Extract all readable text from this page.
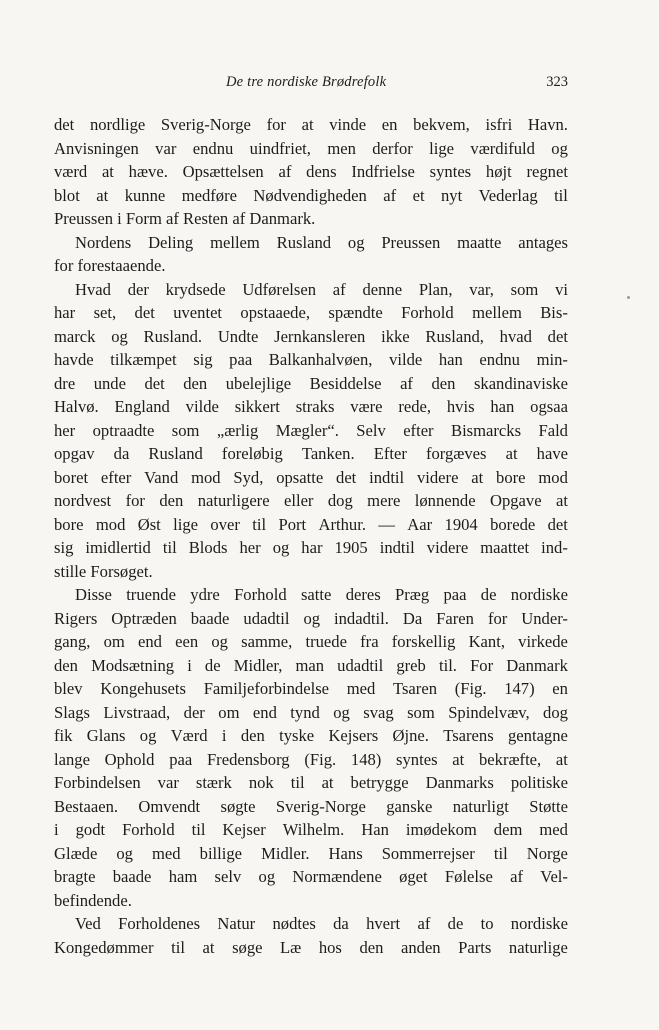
De tre nordiske Brødrefolk	323
det nordlige Sverig-Norge for at vinde en bekvem, isfri Havn.
Anvisningen var endnu uindfriet, men derfor lige værdifuld og
værd at hæve. Opsættelsen af dens Indfrielse syntes højt regnet
blot at kunne medføre Nødvendigheden af et nyt Vederlag til
Preussen i Form af Resten af Danmark.
Nordens Deling mellem Rusland og Preussen maatte antages
for forestaaende.
Hvad der krydsede Udførelsen af denne Plan, var, som vi
har set, det uventet opstaaede, spændte Forhold mellem Bis-
marck og Rusland. Undte Jernkansleren ikke Rusland, hvad det
havde tilkæmpet sig paa Balkanhalvøen, vilde han endnu min-
dre unde det den ubelejlige Besiddelse af den skandinaviske
Halvø. England vilde sikkert straks være rede, hvis han ogsaa
her optraadte som „ærlig Mægler“. Selv efter Bismarcks Fald
opgav da Rusland foreløbig Tanken. Efter forgæves at have
boret efter Vand mod Syd, opsatte det indtil videre at bore mod
nordvest for den naturligere eller dog mere lønnende Opgave at
bore mod Øst lige over til Port Arthur. — Aar 1904 borede det
sig imidlertid til Blods her og har 1905 indtil videre maattet ind-
stille Forsøget.
Disse truende ydre Forhold satte deres Præg paa de nordiske
Rigers Optræden baade udadtil og indadtil. Da Faren for Under-
gang, om end een og samme, truede fra forskellig Kant, virkede
den Modsætning i de Midler, man udadtil greb til. For Danmark
blev Kongehusets Familjeforbindelse med Tsaren (Fig. 147) en
Slags Livstraad, der om end tynd og svag som Spindelvæv, dog
fik Glans og Værd i den tyske Kejsers Øjne. Tsarens gentagne
lange Ophold paa Fredensborg (Fig. 148) syntes at bekræfte, at
Forbindelsen var stærk nok til at betrygge Danmarks politiske
Bestaaen. Omvendt søgte Sverig-Norge ganske naturligt Støtte
i godt Forhold til Kejser Wilhelm. Han imødekom dem med
Glæde og med billige Midler. Hans Sommerrejser til Norge
bragte baade ham selv og Normændene øget Følelse af Vel-
befindende.
Ved Forholdenes Natur nødtes da hvert af de to nordiske
Kongedømmer til at søge Læ hos den anden Parts naturlige
